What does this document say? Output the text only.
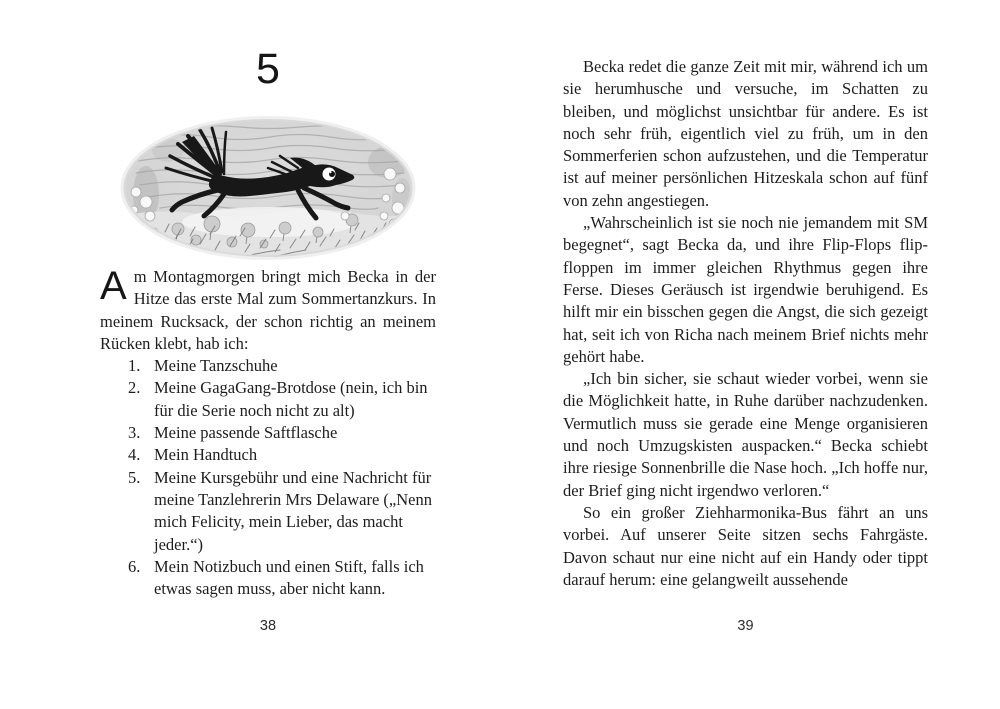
5

Am Montagmorgen bringt mich Becka in der Hitze das erste Mal zum Sommertanzkurs. In meinem Rucksack, der schon richtig an meinem Rücken klebt, hab ich:

1. Meine Tanzschuhe
2. Meine GagaGang-Brotdose (nein, ich bin für die Serie noch nicht zu alt)
3. Meine passende Saftflasche
4. Mein Handtuch
5. Meine Kursgebühr und eine Nachricht für meine Tanzlehrerin Mrs Delaware („Nenn mich Felicity, mein Lieber, das macht jeder.“)
6. Mein Notizbuch und einen Stift, falls ich etwas sagen muss, aber nicht kann.
38

Becka redet die ganze Zeit mit mir, während ich um sie herumhusche und versuche, im Schatten zu bleiben, und möglichst unsichtbar für andere. Es ist noch sehr früh, eigentlich viel zu früh, um in den Sommerferien schon aufzustehen, und die Temperatur ist auf meiner persönlichen Hitzeskala schon auf fünf von zehn angestiegen.

„Wahrscheinlich ist sie noch nie jemandem mit SM begegnet“, sagt Becka da, und ihre Flip-Flops flip-floppen im immer gleichen Rhythmus gegen ihre Ferse. Dieses Geräusch ist irgendwie beruhigend. Es hilft mir ein bisschen gegen die Angst, die sich gezeigt hat, seit ich von Richa nach meinem Brief nichts mehr gehört habe.

„Ich bin sicher, sie schaut wieder vorbei, wenn sie die Möglichkeit hatte, in Ruhe darüber nachzudenken. Vermutlich muss sie gerade eine Menge organisieren und noch Umzugskisten auspacken.“ Becka schiebt ihre riesige Sonnenbrille die Nase hoch. „Ich hoffe nur, der Brief ging nicht irgendwo verloren.“

So ein großer Ziehharmonika-Bus fährt an uns vorbei. Auf unserer Seite sitzen sechs Fahrgäste. Davon schaut nur eine nicht auf ein Handy oder tippt darauf herum: eine gelangweilt aussehende

39
